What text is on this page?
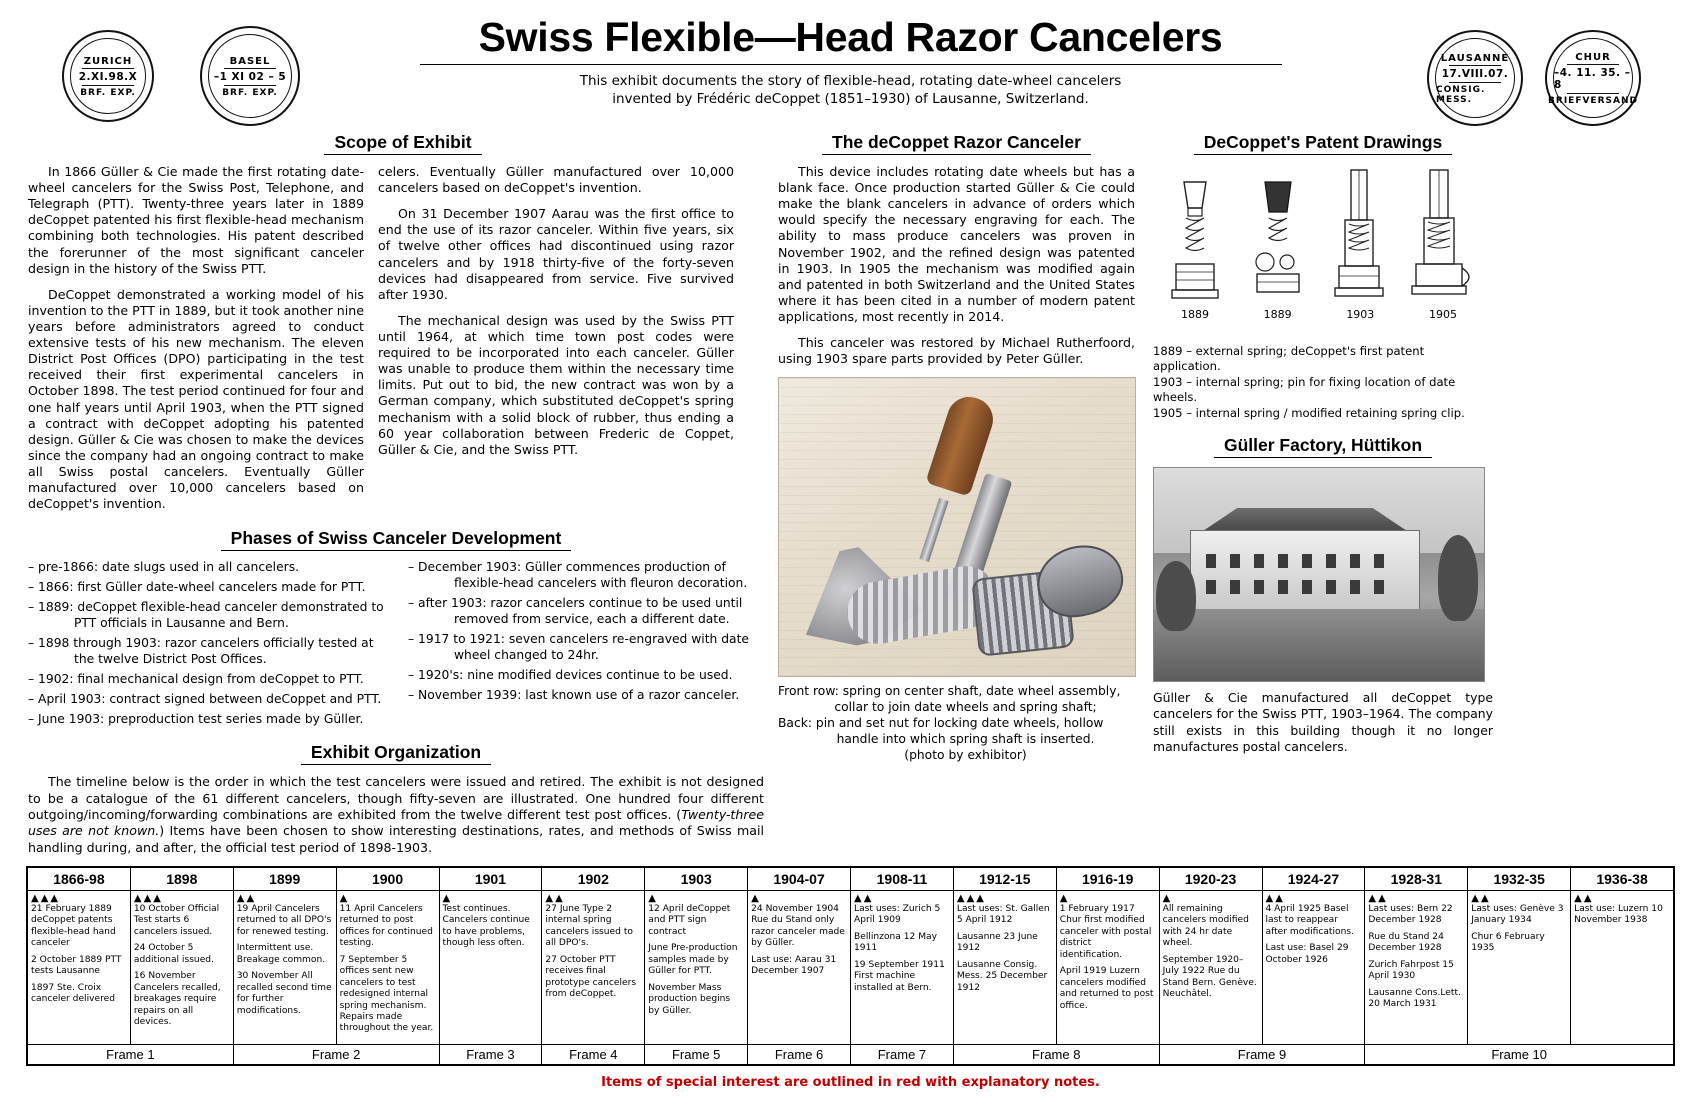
ZURICH
2.XI.98.X
BRF. EXP.
BASEL
–1 XI 02 – 5
BRF. EXP.
LAUSANNE
17.VIII.07.
CONSIG. MESS.
CHUR
–4. 11. 35. –8
BRIEFVERSAND
Swiss Flexible—Head Razor Cancelers
This exhibit documents the story of flexible-head, rotating date-wheel cancelers
invented by Frédéric deCoppet (1851–1930) of Lausanne, Switzerland.
Scope of Exhibit

In 1866 Güller & Cie made the first rotating date-wheel cancelers for the Swiss Post, Telephone, and Telegraph (PTT). Twenty-three years later in 1889 deCoppet patented his first flexible-head mechanism combining both technologies. His patent described the forerunner of the most significant canceler design in the history of the Swiss PTT.

DeCoppet demonstrated a working model of his invention to the PTT in 1889, but it took another nine years before administrators agreed to conduct extensive tests of his new mechanism. The eleven District Post Offices (DPO) participating in the test received their first experimental cancelers in October 1898. The test period continued for four and one half years until April 1903, when the PTT signed a contract with deCoppet adopting his patented design. Güller & Cie was chosen to make the devices since the company had an ongoing contract to make all Swiss postal cancelers. Eventually Güller manufactured over 10,000 cancelers based on deCoppet's invention.

celers. Eventually Güller manufactured over 10,000 cancelers based on deCoppet's invention.

On 31 December 1907 Aarau was the first office to end the use of its razor canceler. Within five years, six of twelve other offices had discontinued using razor cancelers and by 1918 thirty-five of the forty-seven devices had disappeared from service. Five survived after 1930.

The mechanical design was used by the Swiss PTT until 1964, at which time town post codes were required to be incorporated into each canceler. Güller was unable to produce them within the necessary time limits. Put out to bid, the new contract was won by a German company, which substituted deCoppet's spring mechanism with a solid block of rubber, thus ending a 60 year collaboration between Frederic de Coppet, Güller & Cie, and the Swiss PTT.

Phases of Swiss Canceler Development
– pre-1866: date slugs used in all cancelers.
– 1866: first Güller date-wheel cancelers made for PTT.
– 1889: deCoppet flexible-head canceler demonstrated to
PTT officials in Lausanne and Bern.
– 1898 through 1903: razor cancelers officially tested at
the twelve District Post Offices.
– 1902: final mechanical design from deCoppet to PTT.
– April 1903: contract signed between deCoppet and PTT.
– June 1903: preproduction test series made by Güller.
– December 1903: Güller commences production of
flexible-head cancelers with fleuron decoration.
– after 1903: razor cancelers continue to be used until
removed from service, each a different date.
– 1917 to 1921: seven cancelers re-engraved with date
wheel changed to 24hr.
– 1920's: nine modified devices continue to be used.
– November 1939: last known use of a razor canceler.
Exhibit Organization

The timeline below is the order in which the test cancelers were issued and retired. The exhibit is not designed to be a catalogue of the 61 different cancelers, though fifty-seven are illustrated. One hundred four different outgoing/incoming/forwarding combinations are exhibited from the twelve different test post offices. (Twenty-three uses are not known.) Items have been chosen to show interesting destinations, rates, and methods of Swiss mail handling during, and after, the official test period of 1898-1903.

The deCoppet Razor Canceler

This device includes rotating date wheels but has a blank face. Once production started Güller & Cie could make the blank cancelers in advance of orders which would specify the necessary engraving for each. The ability to mass produce cancelers was proven in November 1902, and the refined design was patented in 1903. In 1905 the mechanism was modified again and patented in both Switzerland and the United States where it has been cited in a number of modern patent applications, most recently in 2014.

This canceler was restored by Michael Rutherfoord, using 1903 spare parts provided by Peter Güller.

Front row: spring on center shaft, date wheel assembly,
collar to join date wheels and spring shaft;

Back: pin and set nut for locking date wheels, hollow
handle into which spring shaft is inserted.
(photo by exhibitor)
DeCoppet's Patent Drawings
1889	1889	1903	1905
1889 – external spring; deCoppet's first patent application.
1903 – internal spring; pin for fixing location of date wheels.
1905 – internal spring / modified retaining spring clip.
Güller Factory, Hüttikon
Güller & Cie manufactured all deCoppet type cancelers for the Swiss PTT, 1903–1964. The company still exists in this building though it no longer manufactures postal cancelers.
1866-98	1898	1899	1900	1901	1902	1903	1904-07	1908-11	1912-15	1916-19	1920-23	1924-27	1928-31	1932-35	1936-38

▲▲▲
21 February 1889 deCoppet patents flexible-head hand canceler
2 October 1889 PTT tests Lausanne
1897 Ste. Croix canceler delivered

▲▲▲
10 October Official Test starts 6 cancelers issued.
24 October 5 additional issued.
16 November Cancelers recalled, breakages require repairs on all devices.

▲▲
19 April Cancelers returned to all DPO's for renewed testing.
Intermittent use. Breakage common.
30 November All recalled second time for further modifications.

▲
11 April Cancelers returned to post offices for continued testing.
7 September 5 offices sent new cancelers to test redesigned internal spring mechanism. Repairs made throughout the year.

▲
Test continues. Cancelers continue to have problems, though less often.

▲▲
27 June Type 2 internal spring cancelers issued to all DPO's.
27 October PTT receives final prototype cancelers from deCoppet.

▲
12 April deCoppet and PTT sign contract
June Pre-production samples made by Güller for PTT.
November Mass production begins by Güller.

▲
24 November 1904 Rue du Stand only razor canceler made by Güller.
Last use: Aarau 31 December 1907

▲▲
Last uses: Zurich 5 April 1909
Bellinzona 12 May 1911
19 September 1911 First machine installed at Bern.

▲▲▲
Last uses: St. Gallen 5 April 1912
Lausanne 23 June 1912
Lausanne Consig. Mess. 25 December 1912

▲
1 February 1917 Chur first modified canceler with postal district identification.
April 1919 Luzern cancelers modified and returned to post office.

▲
All remaining cancelers modified with 24 hr date wheel.
September 1920– July 1922 Rue du Stand Bern. Genève. Neuchâtel.

▲▲
4 April 1925 Basel last to reappear after modifications.
Last use: Basel 29 October 1926

▲▲
Last uses: Bern 22 December 1928
Rue du Stand 24 December 1928
Zurich Fahrpost 15 April 1930
Lausanne Cons.Lett. 20 March 1931

▲▲
Last uses: Genève 3 January 1934
Chur 6 February 1935

▲▲
Last use: Luzern 10 November 1938

Frame 1		Frame 2		Frame 3	Frame 4	Frame 5	Frame 6	Frame 7	Frame 8		Frame 9		Frame 10		
Items of special interest are outlined in red with explanatory notes.
